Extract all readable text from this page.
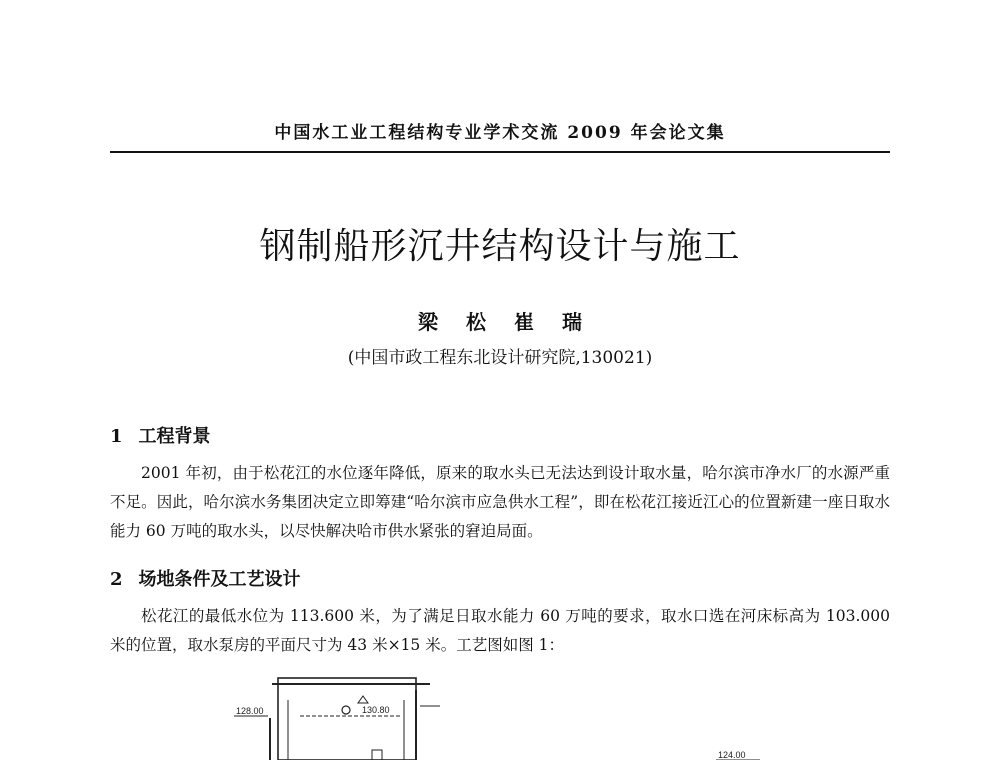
中国水工业工程结构专业学术交流 2009 年会论文集
钢制船形沉井结构设计与施工
梁 松 崔 瑞
(中国市政工程东北设计研究院,130021)
1 工程背景

2001 年初，由于松花江的水位逐年降低，原来的取水头已无法达到设计取水量，哈尔滨市净水厂的水源严重不足。因此，哈尔滨水务集团决定立即筹建“哈尔滨市应急供水工程”，即在松花江接近江心的位置新建一座日取水能力 60 万吨的取水头，以尽快解决哈市供水紧张的窘迫局面。

2 场地条件及工艺设计

松花江的最低水位为 113.600 米，为了满足日取水能力 60 万吨的要求，取水口选在河床标高为 103.000 米的位置，取水泵房的平面尺寸为 43 米×15 米。工艺图如图 1：

128.00	130.80
124.00
